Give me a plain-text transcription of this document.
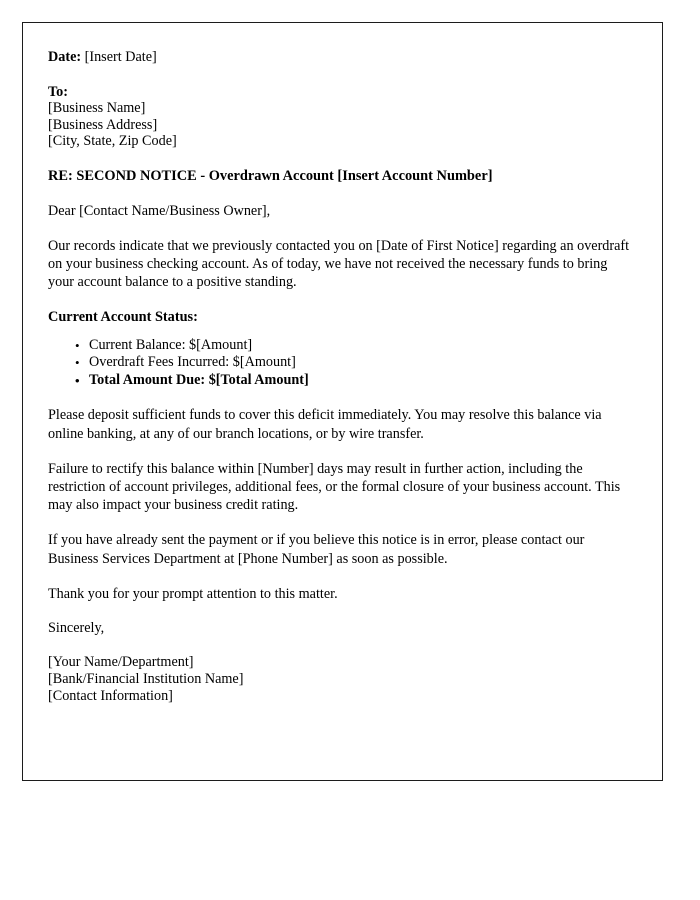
Date: [Insert Date]
To:
[Business Name]
[Business Address]
[City, State, Zip Code]
RE: SECOND NOTICE - Overdrawn Account [Insert Account Number]
Dear [Contact Name/Business Owner],

Our records indicate that we previously contacted you on [Date of First Notice] regarding an overdraft on your business checking account. As of today, we have not received the necessary funds to bring your account balance to a positive standing.

Current Account Status:
• Current Balance: $[Amount]
• Overdraft Fees Incurred: $[Amount]
• Total Amount Due: $[Total Amount]

Please deposit sufficient funds to cover this deficit immediately. You may resolve this balance via online banking, at any of our branch locations, or by wire transfer.

Failure to rectify this balance within [Number] days may result in further action, including the restriction of account privileges, additional fees, or the formal closure of your business account. This may also impact your business credit rating.

If you have already sent the payment or if you believe this notice is in error, please contact our Business Services Department at [Phone Number] as soon as possible.

Thank you for your prompt attention to this matter.

Sincerely,
[Your Name/Department]
[Bank/Financial Institution Name]
[Contact Information]
